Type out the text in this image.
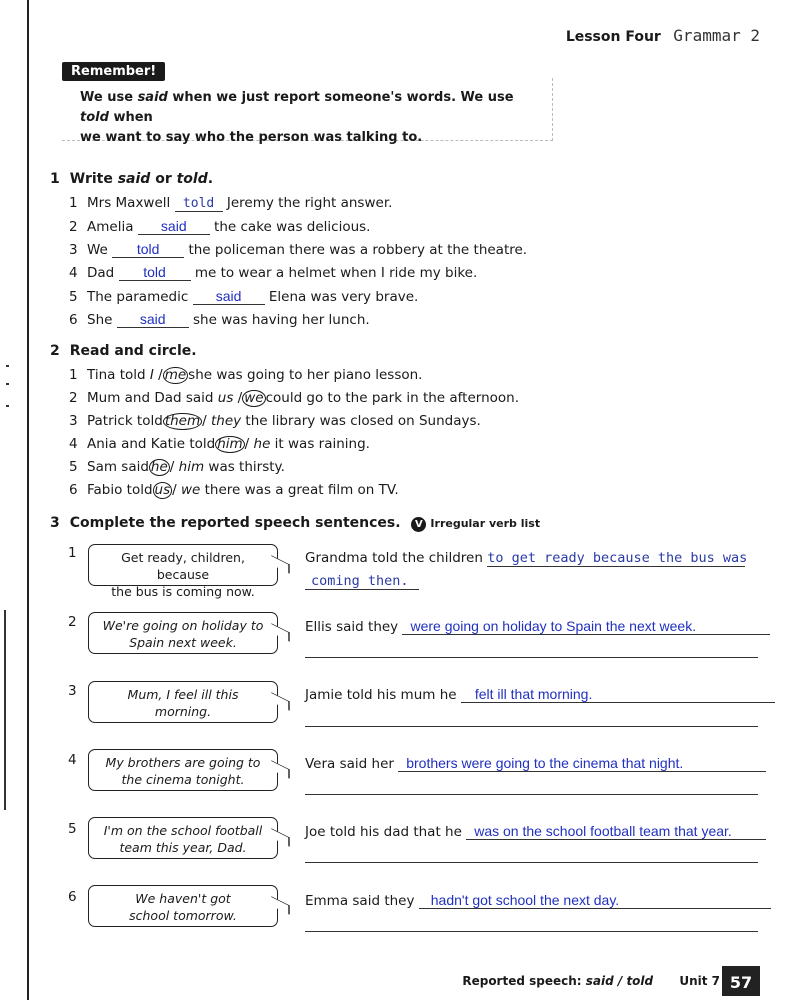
Lesson Four Grammar 2
Remember!
We use said when we just report someone's words. We use told when
we want to say who the person was talking to.
1 Write said or told.
1 Mrs Maxwell told Jeremy the right answer.
2 Amelia said the cake was delicious.
3 We told the policeman there was a robbery at the theatre.
4 Dad told me to wear a helmet when I ride my bike.
5 The paramedic said Elena was very brave.
6 She said she was having her lunch.
2 Read and circle.
1 Tina told I / me she was going to her piano lesson.
2 Mum and Dad said us / we could go to the park in the afternoon.
3 Patrick told them / they the library was closed on Sundays.
4 Ania and Katie told him / he it was raining.
5 Sam said he / him was thirsty.
6 Fabio told us / we there was a great film on TV.
3 Complete the reported speech sentences. V Irregular verb list
1	Get ready, children, because
the bus is coming now.
Grandma told the children to get ready because the bus was
coming then.
2	We're going on holiday to
Spain next week.
Ellis said they were going on holiday to Spain the next week.
3	Mum, I feel ill this
morning.
Jamie told his mum he felt ill that morning.
4	My brothers are going to
the cinema tonight.
Vera said her brothers were going to the cinema that night.
5	I'm on the school football
team this year, Dad.
Joe told his dad that he was on the school football team that year.
6	We haven't got
school tomorrow.
Emma said they hadn't got school the next day.
Reported speech: said / told Unit 7 57
